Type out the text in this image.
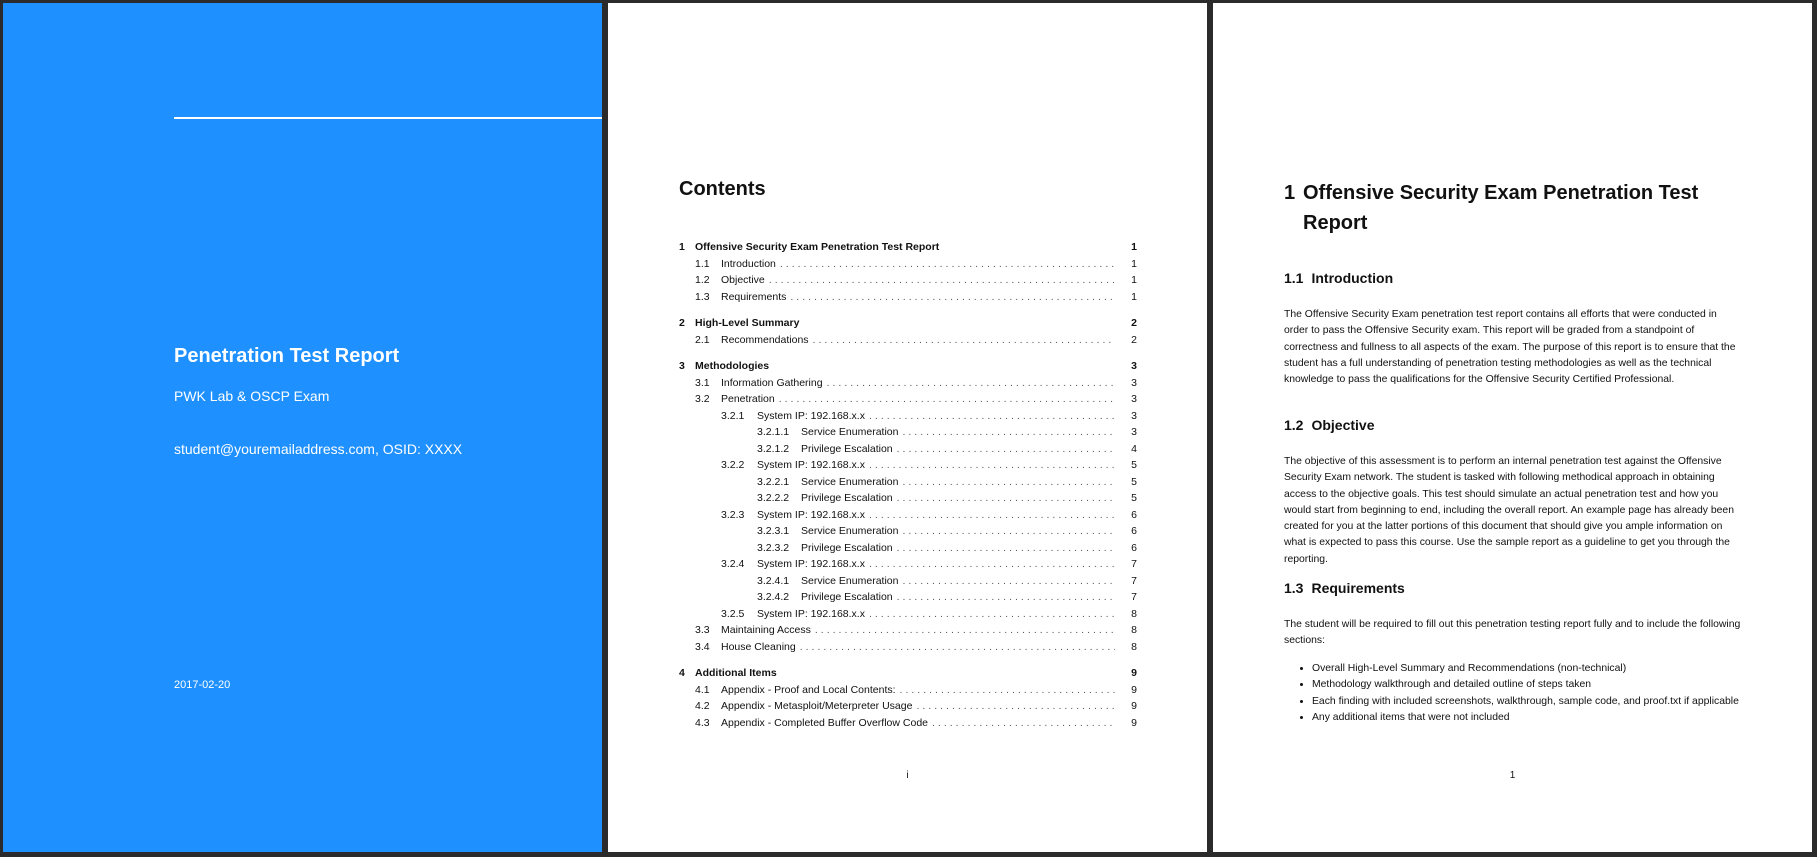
Penetration Test Report
PWK Lab & OSCP Exam
student@youremailaddress.com, OSID: XXXX
2017-02-20
Contents
1 Offensive Security Exam Penetration Test Report	1
1.1	Introduction .....	1
1.2	Objective .....	1
1.3	Requirements .....	1
2 High-Level Summary	2
2.1	Recommendations .....	2
3 Methodologies	3
3.1	Information Gathering .....	3
3.2	Penetration .....	3
3.2.1	System IP: 192.168.x.x .....	3
3.2.1.1	Service Enumeration .....	3
3.2.1.2	Privilege Escalation .....	4
3.2.2	System IP: 192.168.x.x .....	5
3.2.2.1	Service Enumeration .....	5
3.2.2.2	Privilege Escalation .....	5
3.2.3	System IP: 192.168.x.x .....	6
3.2.3.1	Service Enumeration .....	6
3.2.3.2	Privilege Escalation .....	6
3.2.4	System IP: 192.168.x.x .....	7
3.2.4.1	Service Enumeration .....	7
3.2.4.2	Privilege Escalation .....	7
3.2.5	System IP: 192.168.x.x .....	8
3.3	Maintaining Access .....	8
3.4	House Cleaning .....	8
4 Additional Items	9
4.1	Appendix - Proof and Local Contents: .....	9
4.2	Appendix - Metasploit/Meterpreter Usage .....	9
4.3	Appendix - Completed Buffer Overflow Code .....	9
i
1 Offensive Security Exam Penetration Test Report
1.1 Introduction
The Offensive Security Exam penetration test report contains all efforts that were conducted in order to pass the Offensive Security exam. This report will be graded from a standpoint of correctness and fullness to all aspects of the exam. The purpose of this report is to ensure that the student has a full understanding of penetration testing methodologies as well as the technical knowledge to pass the qualifications for the Offensive Security Certified Professional.
1.2 Objective
The objective of this assessment is to perform an internal penetration test against the Offensive Security Exam network. The student is tasked with following methodical approach in obtaining access to the objective goals. This test should simulate an actual penetration test and how you would start from beginning to end, including the overall report. An example page has already been created for you at the latter portions of this document that should give you ample information on what is expected to pass this course. Use the sample report as a guideline to get you through the reporting.
1.3 Requirements
The student will be required to fill out this penetration testing report fully and to include the following sections:
• Overall High-Level Summary and Recommendations (non-technical)
• Methodology walkthrough and detailed outline of steps taken
• Each finding with included screenshots, walkthrough, sample code, and proof.txt if applicable
• Any additional items that were not included
1
